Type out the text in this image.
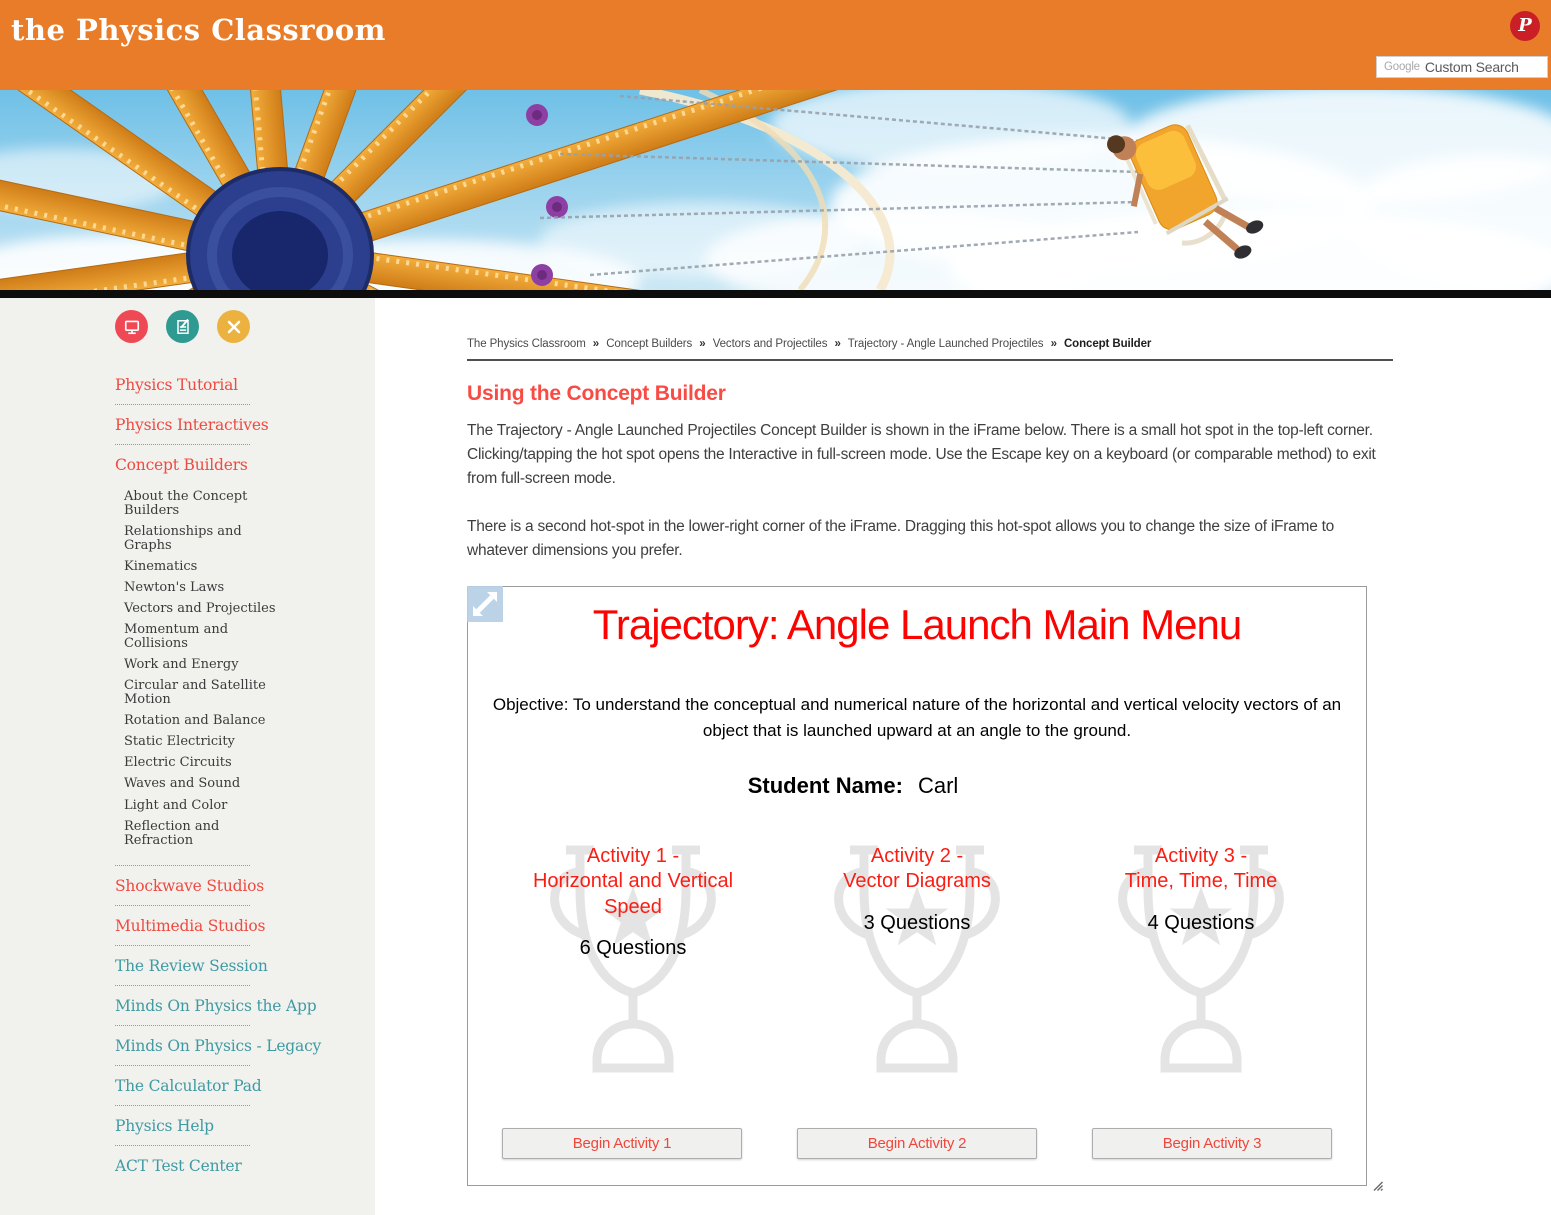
the Physics Classroom	P
Google Custom Search
Physics Tutorial
Physics Interactives
Concept Builders
About the Concept Builders
Relationships and Graphs
Kinematics
Newton's Laws
Vectors and Projectiles
Momentum and Collisions
Work and Energy
Circular and Satellite Motion
Rotation and Balance
Static Electricity
Electric Circuits
Waves and Sound
Light and Color
Reflection and Refraction
Shockwave Studios
Multimedia Studios
The Review Session
Minds On Physics the App
Minds On Physics - Legacy
The Calculator Pad
Physics Help
ACT Test Center
The Physics Classroom » Concept Builders » Vectors and Projectiles » Trajectory - Angle Launched Projectiles » Concept Builder
Using the Concept Builder

The Trajectory - Angle Launched Projectiles Concept Builder is shown in the iFrame below. There is a small hot spot in the top-left corner. Clicking/tapping the hot spot opens the Interactive in full-screen mode. Use the Escape key on a keyboard (or comparable method) to exit from full-screen mode.

There is a second hot-spot in the lower-right corner of the iFrame. Dragging this hot-spot allows you to change the size of iFrame to whatever dimensions you prefer.

Trajectory: Angle Launch Main Menu
Objective: To understand the conceptual and numerical nature of the horizontal and vertical velocity vectors of an object that is launched upward at an angle to the ground.
Student Name: Carl
Activity 1 -
Horizontal and Vertical Speed
6 Questions
Activity 2 -
Vector Diagrams
3 Questions
Activity 3 -
Time, Time, Time
4 Questions
Begin Activity 1	Begin Activity 2	Begin Activity 3
